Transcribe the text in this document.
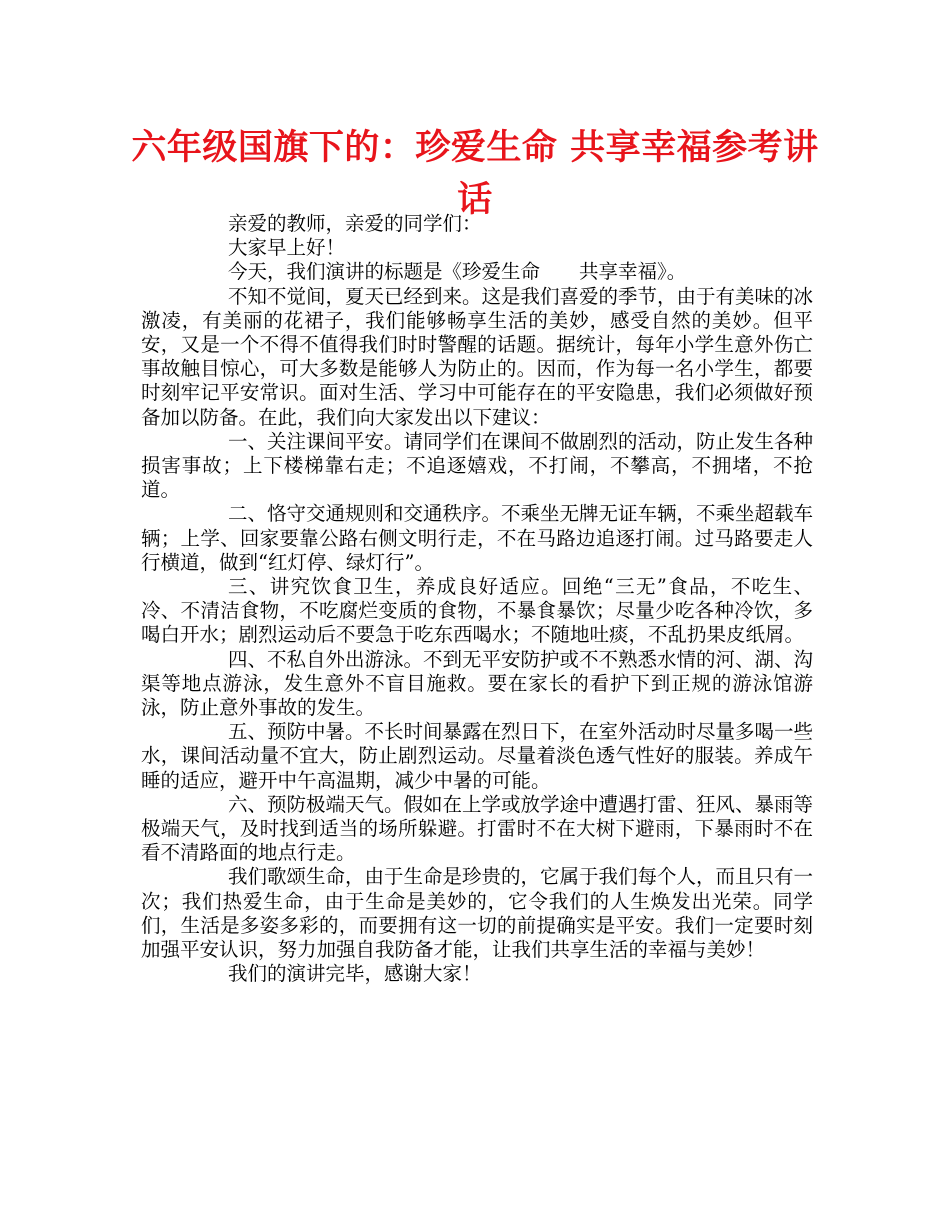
六年级国旗下的：珍爱生命 共享幸福参考讲话

亲爱的教师，亲爱的同学们：

大家早上好！

今天，我们演讲的标题是《珍爱生命　　共享幸福》。

不知不觉间，夏天已经到来。这是我们喜爱的季节，由于有美味的冰激凌，有美丽的花裙子，我们能够畅享生活的美妙，感受自然的美妙。但平安，又是一个不得不值得我们时时警醒的话题。据统计，每年小学生意外伤亡事故触目惊心，可大多数是能够人为防止的。因而，作为每一名小学生，都要时刻牢记平安常识。面对生活、学习中可能存在的平安隐患，我们必须做好预备加以防备。在此，我们向大家发出以下建议：

一、关注课间平安。请同学们在课间不做剧烈的活动，防止发生各种损害事故；上下楼梯靠右走；不追逐嬉戏，不打闹，不攀高，不拥堵，不抢道。

二、恪守交通规则和交通秩序。不乘坐无牌无证车辆，不乘坐超载车辆；上学、回家要靠公路右侧文明行走，不在马路边追逐打闹。过马路要走人行横道，做到“红灯停、绿灯行”。

三、讲究饮食卫生，养成良好适应。回绝“三无”食品，不吃生、冷、不清洁食物，不吃腐烂变质的食物，不暴食暴饮；尽量少吃各种冷饮，多喝白开水；剧烈运动后不要急于吃东西喝水；不随地吐痰，不乱扔果皮纸屑。

四、不私自外出游泳。不到无平安防护或不不熟悉水情的河、湖、沟渠等地点游泳，发生意外不盲目施救。要在家长的看护下到正规的游泳馆游泳，防止意外事故的发生。

五、预防中暑。不长时间暴露在烈日下，在室外活动时尽量多喝一些水，课间活动量不宜大，防止剧烈运动。尽量着淡色透气性好的服装。养成午睡的适应，避开中午高温期，减少中暑的可能。

六、预防极端天气。假如在上学或放学途中遭遇打雷、狂风、暴雨等极端天气，及时找到适当的场所躲避。打雷时不在大树下避雨，下暴雨时不在看不清路面的地点行走。

我们歌颂生命，由于生命是珍贵的，它属于我们每个人，而且只有一次；我们热爱生命，由于生命是美妙的，它令我们的人生焕发出光荣。同学们，生活是多姿多彩的，而要拥有这一切的前提确实是平安。我们一定要时刻加强平安认识，努力加强自我防备才能，让我们共享生活的幸福与美妙！

我们的演讲完毕，感谢大家！
